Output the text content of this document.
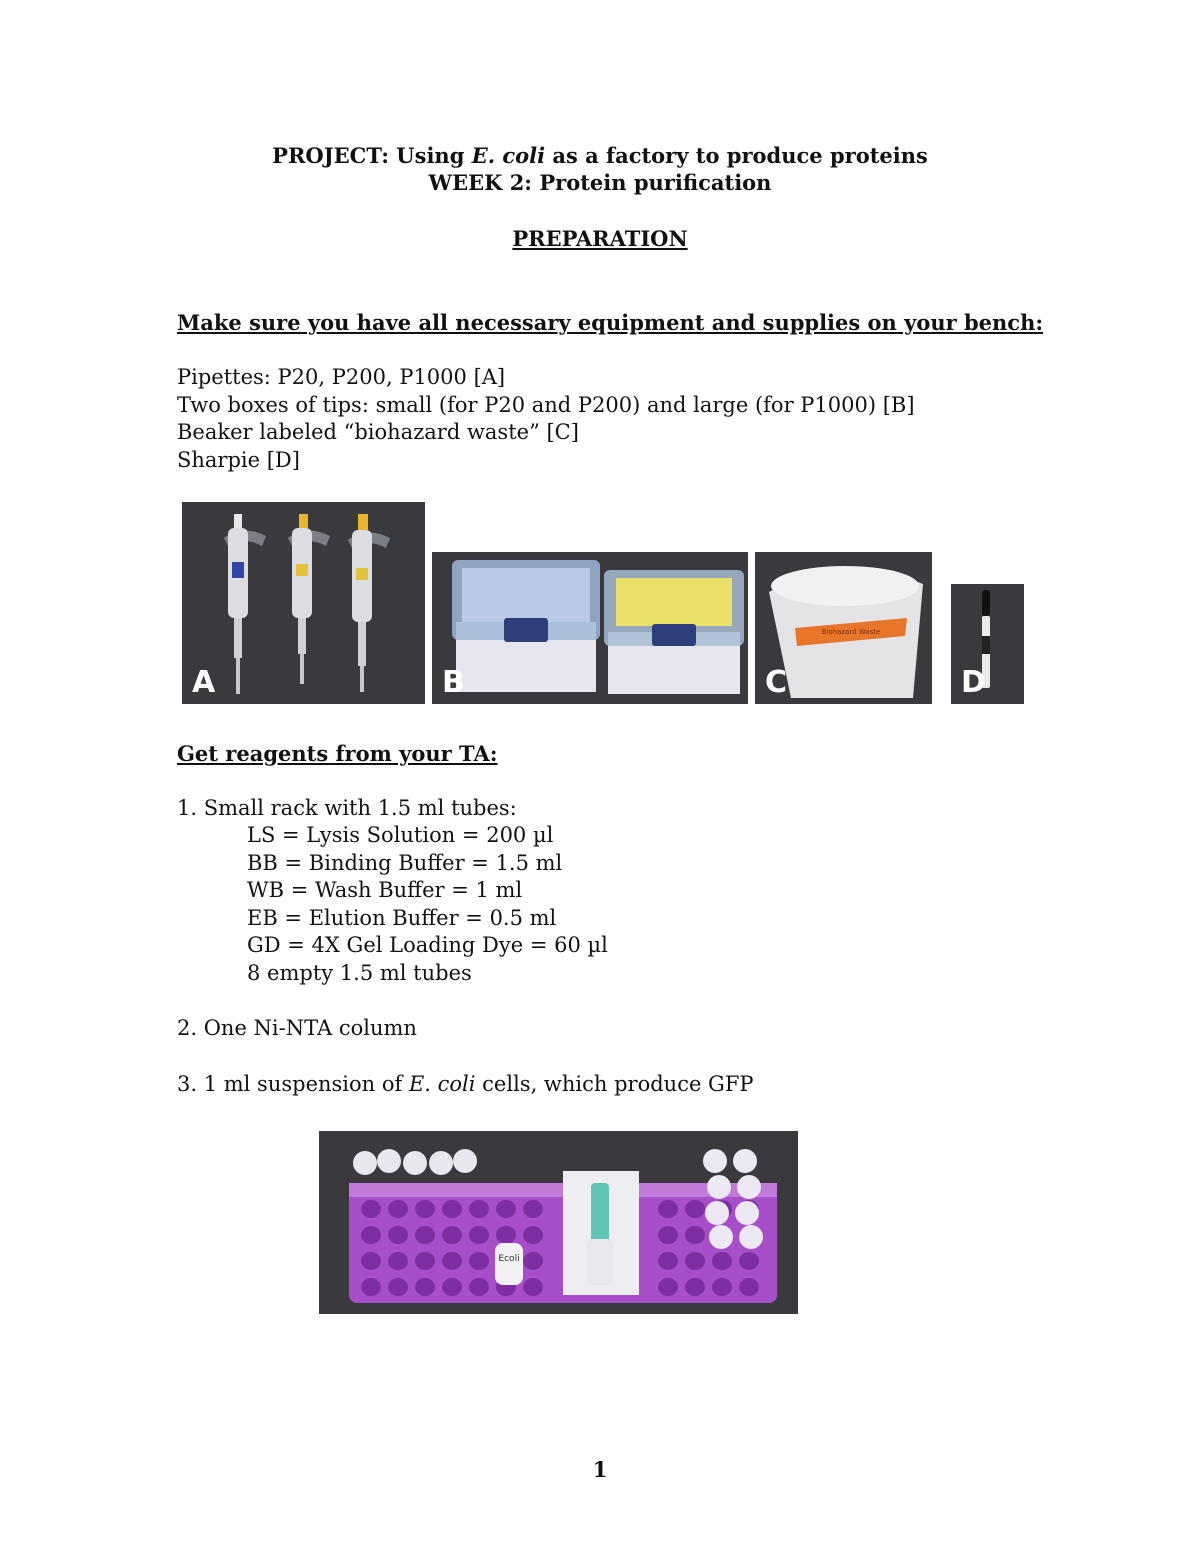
PROJECT: Using E. coli as a factory to produce proteins
WEEK 2: Protein purification
PREPARATION
Make sure you have all necessary equipment and supplies on your bench:
Pipettes: P20, P200, P1000 [A]
Two boxes of tips: small (for P20 and P200) and large (for P1000) [B]
Beaker labeled “biohazard waste” [C]
Sharpie [D]
A	B
Biohazard Waste
C	D
Get reagents from your TA:
1. Small rack with 1.5 ml tubes:
LS = Lysis Solution = 200 µl
BB = Binding Buffer = 1.5 ml
WB = Wash Buffer = 1 ml
EB = Elution Buffer = 0.5 ml
GD = 4X Gel Loading Dye = 60 µl
8 empty 1.5 ml tubes
2. One Ni-NTA column
3. 1 ml suspension of E. coli cells, which produce GFP
Ecoli
1
